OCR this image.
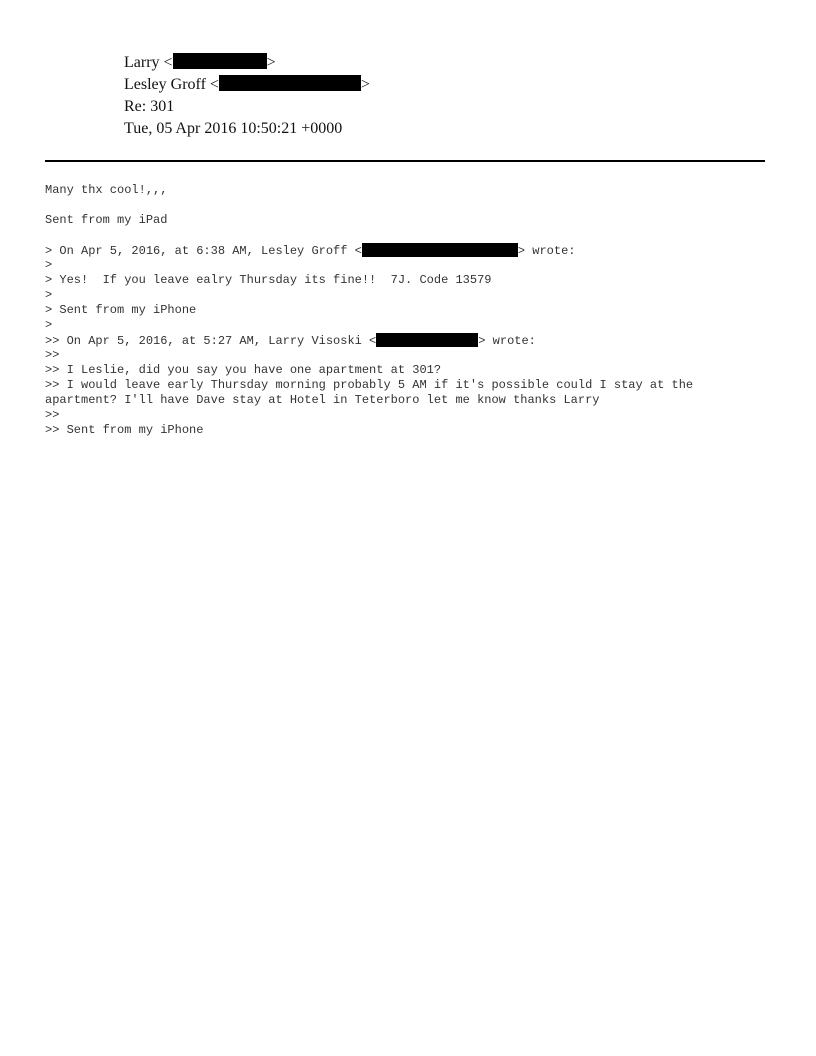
Larry <	>
Lesley Groff <	>
Re: 301
Tue, 05 Apr 2016 10:50:21 +0000
Many thx cool!,,,
Sent from my iPad
> On Apr 5, 2016, at 6:38 AM, Lesley Groff <	> wrote:
>
> Yes!  If you leave ealry Thursday its fine!!  7J. Code 13579
>
> Sent from my iPhone
>
>> On Apr 5, 2016, at 5:27 AM, Larry Visoski <	> wrote:
>>
>> I Leslie, did you say you have one apartment at 301?
>> I would leave early Thursday morning probably 5 AM if it's possible could I stay at the apartment? I'll have Dave stay at Hotel in Teterboro let me know thanks Larry
>>
>> Sent from my iPhone
